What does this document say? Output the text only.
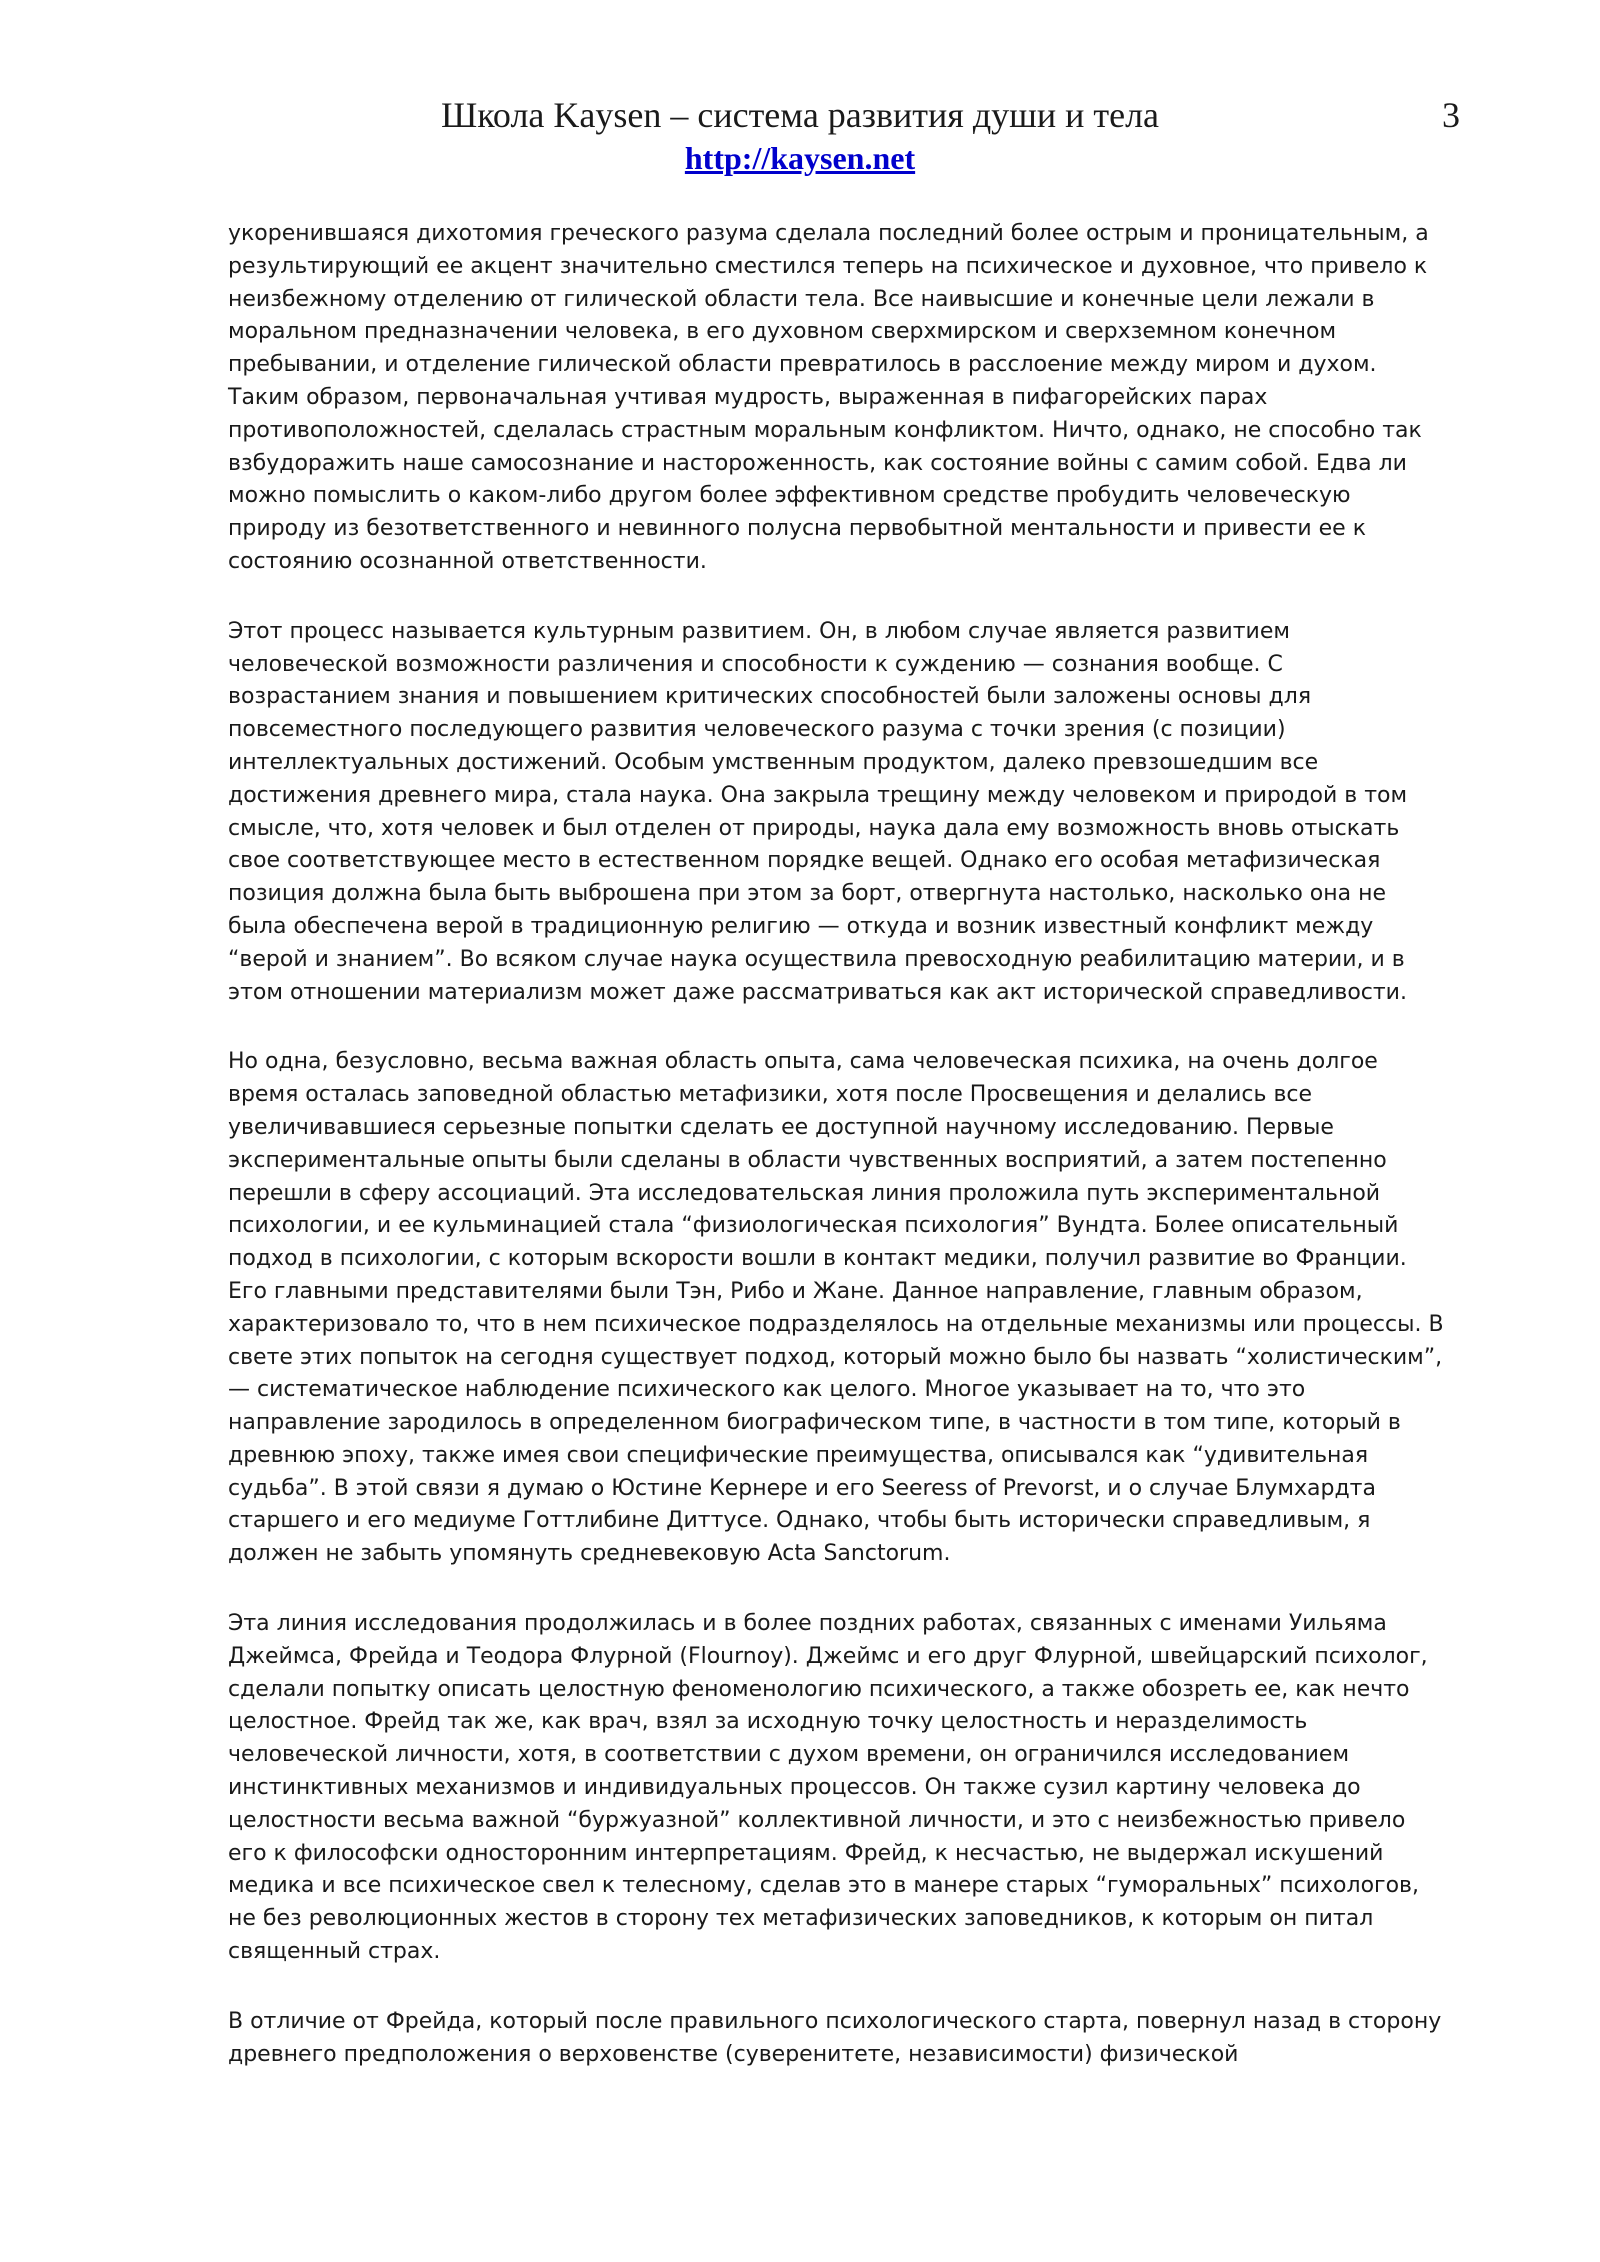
Школа Kaysen – система развития души и тела
http://kaysen.net
3

укоренившаяся дихотомия греческого разума сделала последний более острым и проницательным, а результирующий ее акцент значительно сместился теперь на психическое и духовное, что привело к неизбежному отделению от гилической области тела. Все наивысшие и конечные цели лежали в моральном предназначении человека, в его духовном сверхмирском и сверхземном конечном пребывании, и отделение гилической области превратилось в расслоение между миром и духом. Таким образом, первоначальная учтивая мудрость, выраженная в пифагорейских парах противоположностей, сделалась страстным моральным конфликтом. Ничто, однако, не способно так взбудоражить наше самосознание и настороженность, как состояние войны с самим собой. Едва ли можно помыслить о каком-либо другом более эффективном средстве пробудить человеческую природу из безответственного и невинного полусна первобытной ментальности и привести ее к состоянию осознанной ответственности.

Этот процесс называется культурным развитием. Он, в любом случае является развитием человеческой возможности различения и способности к суждению — сознания вообще. С возрастанием знания и повышением критических способностей были заложены основы для повсеместного последующего развития человеческого разума с точки зрения (с позиции) интеллектуальных достижений. Особым умственным продуктом, далеко превзошедшим все достижения древнего мира, стала наука. Она закрыла трещину между человеком и природой в том смысле, что, хотя человек и был отделен от природы, наука дала ему возможность вновь отыскать свое соответствующее место в естественном порядке вещей. Однако его особая метафизическая позиция должна была быть выброшена при этом за борт, отвергнута настолько, насколько она не была обеспечена верой в традиционную религию — откуда и возник известный конфликт между “верой и знанием”. Во всяком случае наука осуществила превосходную реабилитацию материи, и в этом отношении материализм может даже рассматриваться как акт исторической справедливости.

Но одна, безусловно, весьма важная область опыта, сама человеческая психика, на очень долгое время осталась заповедной областью метафизики, хотя после Просвещения и делались все увеличивавшиеся серьезные попытки сделать ее доступной научному исследованию. Первые экспериментальные опыты были сделаны в области чувственных восприятий, а затем постепенно перешли в сферу ассоциаций. Эта исследовательская линия проложила путь экспериментальной психологии, и ее кульминацией стала “физиологическая психология” Вундта. Более описательный подход в психологии, с которым вскорости вошли в контакт медики, получил развитие во Франции. Его главными представителями были Тэн, Рибо и Жане. Данное направление, главным образом, характеризовало то, что в нем психическое подразделялось на отдельные механизмы или процессы. В свете этих попыток на сегодня существует подход, который можно было бы назвать “холистическим”, — систематическое наблюдение психического как целого. Многое указывает на то, что это направление зародилось в определенном биографическом типе, в частности в том типе, который в древнюю эпоху, также имея свои специфические преимущества, описывался как “удивительная судьба”. В этой связи я думаю о Юстине Кернере и его Seeress of Prevorst, и о случае Блумхардта старшего и его медиуме Готтлибине Диттусе. Однако, чтобы быть исторически справедливым, я должен не забыть упомянуть средневековую Acta Sanctorum.

Эта линия исследования продолжилась и в более поздних работах, связанных с именами Уильяма Джеймса, Фрейда и Теодора Флурной (Flournoy). Джеймс и его друг Флурной, швейцарский психолог, сделали попытку описать целостную феноменологию психического, а также обозреть ее, как нечто целостное. Фрейд так же, как врач, взял за исходную точку целостность и неразделимость человеческой личности, хотя, в соответствии с духом времени, он ограничился исследованием инстинктивных механизмов и индивидуальных процессов. Он также сузил картину человека до целостности весьма важной “буржуазной” коллективной личности, и это с неизбежностью привело его к философски односторонним интерпретациям. Фрейд, к несчастью, не выдержал искушений медика и все психическое свел к телесному, сделав это в манере старых “гуморальных” психологов, не без революционных жестов в сторону тех метафизических заповедников, к которым он питал священный страх.

В отличие от Фрейда, который после правильного психологического старта, повернул назад в сторону древнего предположения о верховенстве (суверенитете, независимости) физической
